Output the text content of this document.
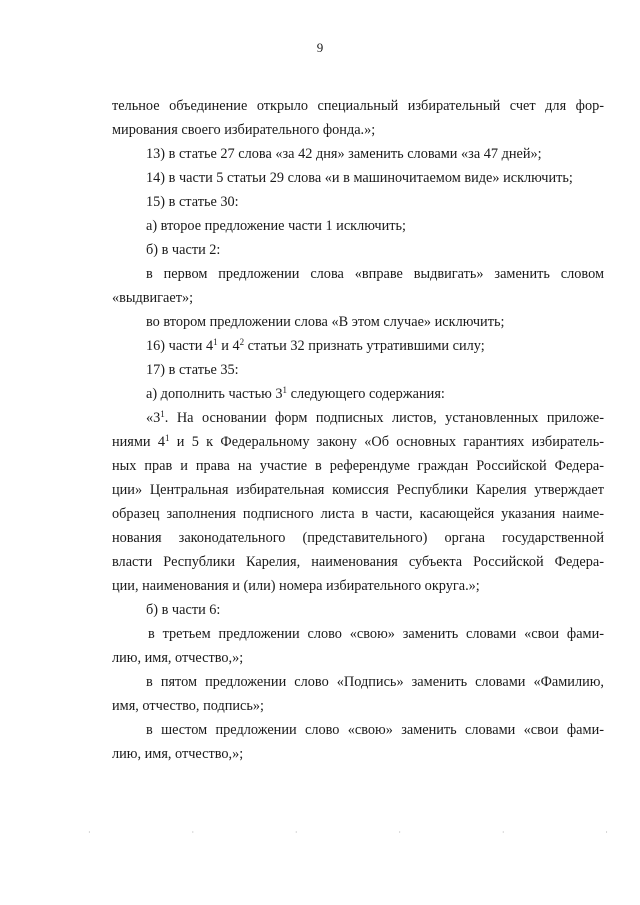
9

тельное объединение открыло специальный избирательный счет для фор-

мирования своего избирательного фонда.»;

13) в статье 27 слова «за 42 дня» заменить словами «за 47 дней»;

14) в части 5 статьи 29 слова «и в машиночитаемом виде» исключить;

15) в статье 30:

а) второе предложение части 1 исключить;

б) в части 2:

в первом предложении слова «вправе выдвигать» заменить словом

«выдвигает»;

во втором предложении слова «В этом случае» исключить;

16) части $4^1$ и $4^2$ статьи 32 признать утратившими силу;

17) в статье 35:

а) дополнить частью $3^1$ следующего содержания:

«$3^1$. На основании форм подписных листов, установленных приложе-

ниями $4^1$ и 5 к Федеральному закону «Об основных гарантиях избиратель-

ных прав и права на участие в референдуме граждан Российской Федера-

ции» Центральная избирательная комиссия Республики Карелия утверждает

образец заполнения подписного листа в части, касающейся указания наиме-

нования законодательного (представительного) органа государственной

власти Республики Карелия, наименования субъекта Российской Федера-

ции, наименования и (или) номера избирательного округа.»;

б) в части 6:

в третьем предложении слово «свою» заменить словами «свои фами-

лию, имя, отчество,»;

в пятом предложении слово «Подпись» заменить словами «Фамилию,

имя, отчество, подпись»;

в шестом предложении слово «свою» заменить словами «свои фами-

лию, имя, отчество,»;

·	·	·	·	·	·
